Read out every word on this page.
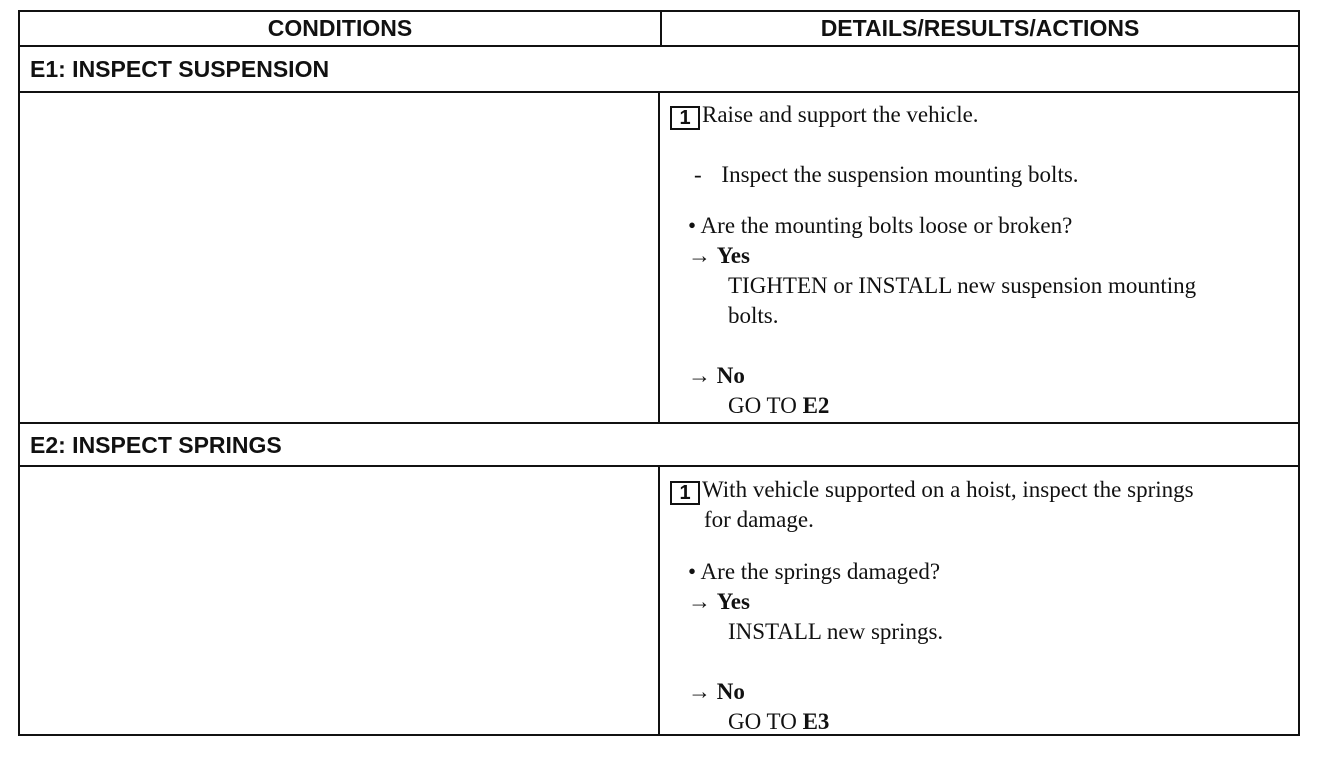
CONDITIONS	DETAILS/RESULTS/ACTIONS
E1: INSPECT SUSPENSION
1 Raise and support the vehicle.
- Inspect the suspension mounting bolts.
• Are the mounting bolts loose or broken?
→ Yes
TIGHTEN or INSTALL new suspension mounting
bolts.
→ No
GO TO E2
E2: INSPECT SPRINGS
1 With vehicle supported on a hoist, inspect the springs
for damage.
• Are the springs damaged?
→ Yes
INSTALL new springs.
→ No
GO TO E3
